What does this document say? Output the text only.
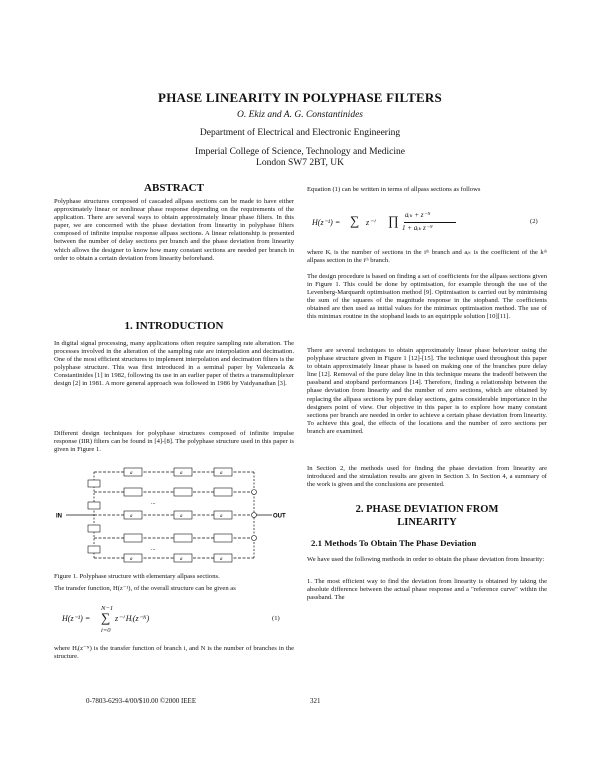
PHASE LINEARITY IN POLYPHASE FILTERS
O. Ekiz and A. G. Constantinides
Department of Electrical and Electronic Engineering
Imperial College of Science, Technology and Medicine
London SW7 2BT, UK
ABSTRACT
Polyphase structures composed of cascaded allpass sections can be made to have either approximately linear or nonlinear phase response depending on the requirements of the application. There are several ways to obtain approximately linear phase filters. In this paper, we are concerned with the phase deviation from linearity in polyphase filters composed of infinite impulse response allpass sections. A linear relationship is presented between the number of delay sections per branch and the phase deviation from linearity which allows the designer to know how many constant sections are needed per branch in order to obtain a certain deviation from linearity beforehand.
1. INTRODUCTION
In digital signal processing, many applications often require sampling rate alteration. The processes involved in the alteration of the sampling rate are interpolation and decimation. One of the most efficient structures to implement interpolation and decimation filters is the polyphase structure. This was first introduced in a seminal paper by Valenzuela & Constantinides [1] in 1982, following its use in an earlier paper of theirs a transmultiplexer design [2] in 1981. A more general approach was followed in 1986 by Vaidyanathan [3].
Different design techniques for polyphase structures composed of infinite impulse response (IIR) filters can be found in [4]-[8]. The polyphase structure used in this paper is given in Figure 1.
IN	OUT
a	a	a
a	a	a
a	a	a
...
...
Figure 1. Polyphase structure with elementary allpass sections.
The transfer function, H(z⁻¹), of the overall structure can be given as
H(z⁻¹) =
N−1
∑
i=0
z⁻ⁱ Hᵢ(z⁻ᴺ)	(1)
where Hᵢ(z⁻ᴺ) is the transfer function of branch i, and N is the number of branches in the structure.
Equation (1) can be written in terms of allpass sections as follows
H(z⁻¹) = ∑ z⁻ⁱ ∏ aᵢₖ + z⁻ᴺ
1 + aᵢₖ z⁻ᴺ
(2)
where Kᵢ is the number of sections in the iᵗʰ branch and aᵢₖ is the coefficient of the kᵗʰ allpass section in the iᵗʰ branch.
The design procedure is based on finding a set of coefficients for the allpass sections given in Figure 1. This could be done by optimisation, for example through the use of the Levenberg-Marquardt optimisation method [9]. Optimisation is carried out by minimising the sum of the squares of the magnitude response in the stopband. The coefficients obtained are then used as initial values for the minimax optimisation method. The use of this minimax routine in the stopband leads to an equiripple solution [10][11].
There are several techniques to obtain approximately linear phase behaviour using the polyphase structure given in Figure 1 [12]-[15]. The technique used throughout this paper to obtain approximately linear phase is based on making one of the branches pure delay line [12]. Removal of the pure delay line in this technique means the tradeoff between the passband and stopband performances [14]. Therefore, finding a relationship between the phase deviation from linearity and the number of zero sections, which are obtained by replacing the allpass sections by pure delay sections, gains considerable importance in the designers point of view. Our objective in this paper is to explore how many constant sections per branch are needed in order to achieve a certain phase deviation from linearity. To achieve this goal, the effects of the locations and the number of zero sections per branch are examined.
In Section 2, the methods used for finding the phase deviation from linearity are introduced and the simulation results are given in Section 3. In Section 4, a summary of the work is given and the conclusions are presented.
2. PHASE DEVIATION FROM
LINEARITY
2.1 Methods To Obtain The Phase Deviation
We have used the following methods in order to obtain the phase deviation from linearity:
1. The most efficient way to find the deviation from linearity is obtained by taking the absolute difference between the actual phase response and a "reference curve" within the passband. The
0-7803-6293-4/00/$10.00 ©2000 IEEE	321
